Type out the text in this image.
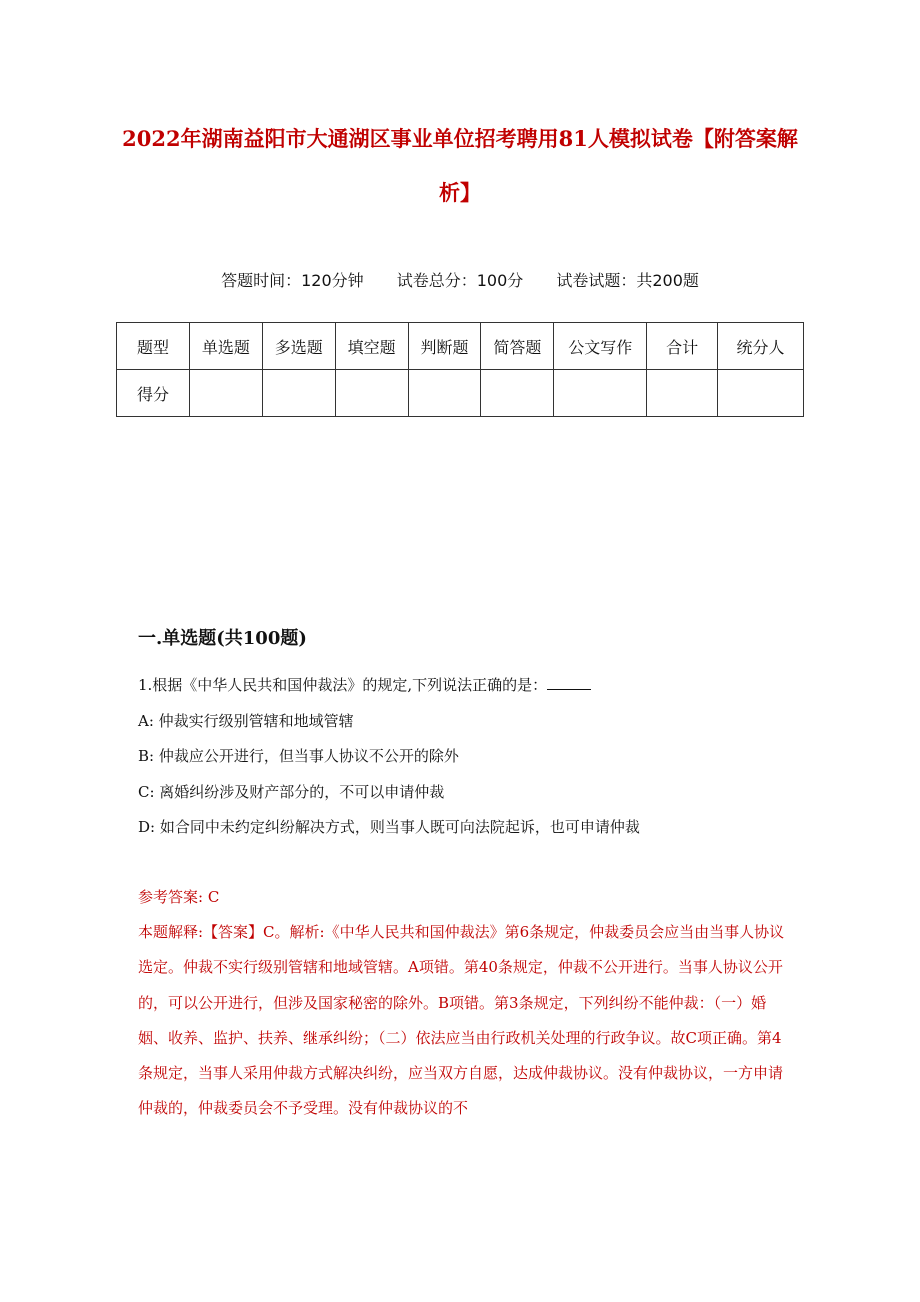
2022年湖南益阳市大通湖区事业单位招考聘用81人模拟试卷【附答案解析】
答题时间：120分钟 试卷总分：100分 试卷试题：共200题
题型	单选题	多选题	填空题	判断题	简答题	公文写作	合计	统分人
得分								
一.单选题(共100题)
1.根据《中华人民共和国仲裁法》的规定,下列说法正确的是：
A: 仲裁实行级别管辖和地域管辖
B: 仲裁应公开进行，但当事人协议不公开的除外
C: 离婚纠纷涉及财产部分的，不可以申请仲裁
D: 如合同中未约定纠纷解决方式，则当事人既可向法院起诉，也可申请仲裁
参考答案: C
本题解释:【答案】C。解析:《中华人民共和国仲裁法》第6条规定，仲裁委员会应当由当事人协议选定。仲裁不实行级别管辖和地域管辖。A项错。第40条规定，仲裁不公开进行。当事人协议公开的，可以公开进行，但涉及国家秘密的除外。B项错。第3条规定，下列纠纷不能仲裁：（一）婚姻、收养、监护、扶养、继承纠纷；（二）依法应当由行政机关处理的行政争议。故C项正确。第4条规定，当事人采用仲裁方式解决纠纷，应当双方自愿，达成仲裁协议。没有仲裁协议，一方申请仲裁的，仲裁委员会不予受理。没有仲裁协议的不
